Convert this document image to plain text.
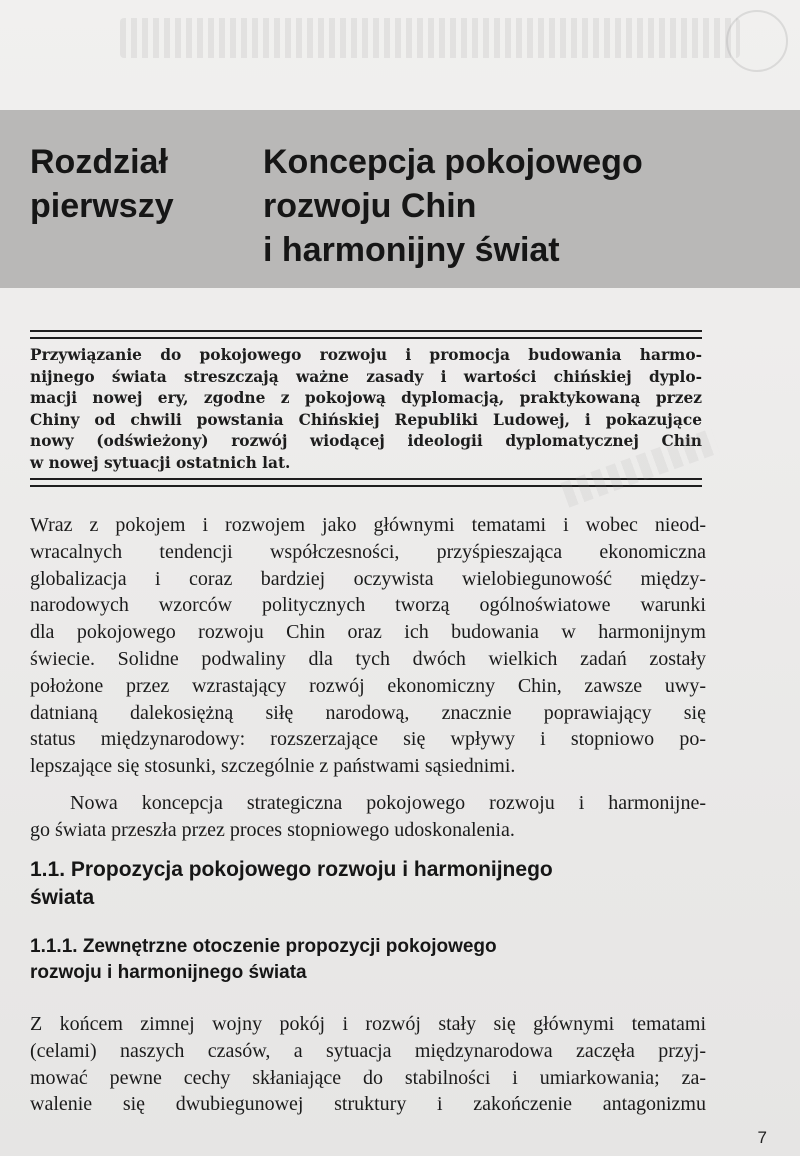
Rozdział
pierwszy
Koncepcja pokojowego
rozwoju Chin
i harmonijny świat
Przywiązanie do pokojowego rozwoju i promocja budowania harmo-
nijnego świata streszczają ważne zasady i wartości chińskiej dyplo-
macji nowej ery, zgodne z pokojową dyplomacją, praktykowaną przez
Chiny od chwili powstania Chińskiej Republiki Ludowej, i pokazujące
nowy (odświeżony) rozwój wiodącej ideologii dyplomatycznej Chin
w nowej sytuacji ostatnich lat.
Wraz z pokojem i rozwojem jako głównymi tematami i wobec nieod-
wracalnych tendencji współczesności, przyśpieszająca ekonomiczna
globalizacja i coraz bardziej oczywista wielobiegunowość między-
narodowych wzorców politycznych tworzą ogólnoświatowe warunki
dla pokojowego rozwoju Chin oraz ich budowania w harmonijnym
świecie. Solidne podwaliny dla tych dwóch wielkich zadań zostały
położone przez wzrastający rozwój ekonomiczny Chin, zawsze uwy-
datnianą dalekosiężną siłę narodową, znacznie poprawiający się
status międzynarodowy: rozszerzające się wpływy i stopniowo po-
lepszające się stosunki, szczególnie z państwami sąsiednimi.
Nowa koncepcja strategiczna pokojowego rozwoju i harmonijne-
go świata przeszła przez proces stopniowego udoskonalenia.
1.1. Propozycja pokojowego rozwoju i harmonijnego
świata
1.1.1. Zewnętrzne otoczenie propozycji pokojowego
rozwoju i harmonijnego świata
Z końcem zimnej wojny pokój i rozwój stały się głównymi tematami
(celami) naszych czasów, a sytuacja międzynarodowa zaczęła przyj-
mować pewne cechy skłaniające do stabilności i umiarkowania; za-
walenie się dwubiegunowej struktury i zakończenie antagonizmu
7
